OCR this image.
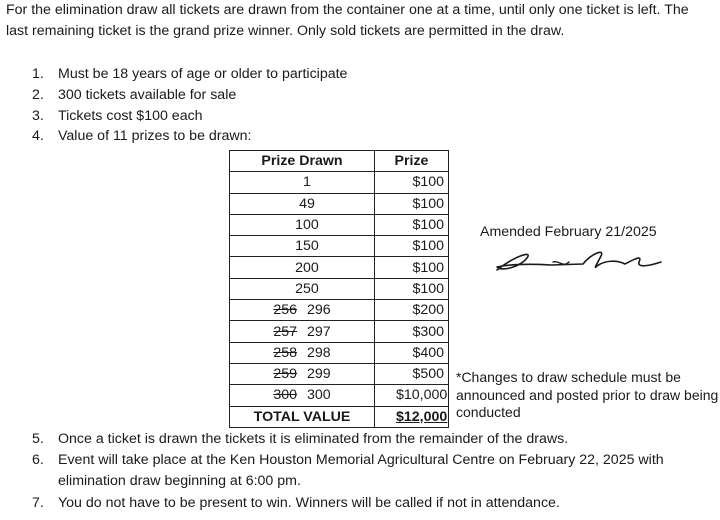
For the elimination draw all tickets are drawn from the container one at a time, until only one ticket is left. The last remaining ticket is the grand prize winner. Only sold tickets are permitted in the draw.

1. Must be 18 years of age or older to participate
2. 300 tickets available for sale
3. Tickets cost $100 each
4. Value of 11 prizes to be drawn:
Prize Drawn	Prize
1	$100
49	$100
100	$100
150	$100
200	$100
250	$100
256 296	$200
257 297	$300
258 298	$400
259 299	$500
300 300	$10,000
TOTAL VALUE	$12,000
Amended February 21/2025

*Changes to draw schedule must be announced and posted prior to draw being conducted

5. Once a ticket is drawn the tickets it is eliminated from the remainder of the draws.
6. Event will take place at the Ken Houston Memorial Agricultural Centre on February 22, 2025 with elimination draw beginning at 6:00 pm.
7. You do not have to be present to win. Winners will be called if not in attendance.
